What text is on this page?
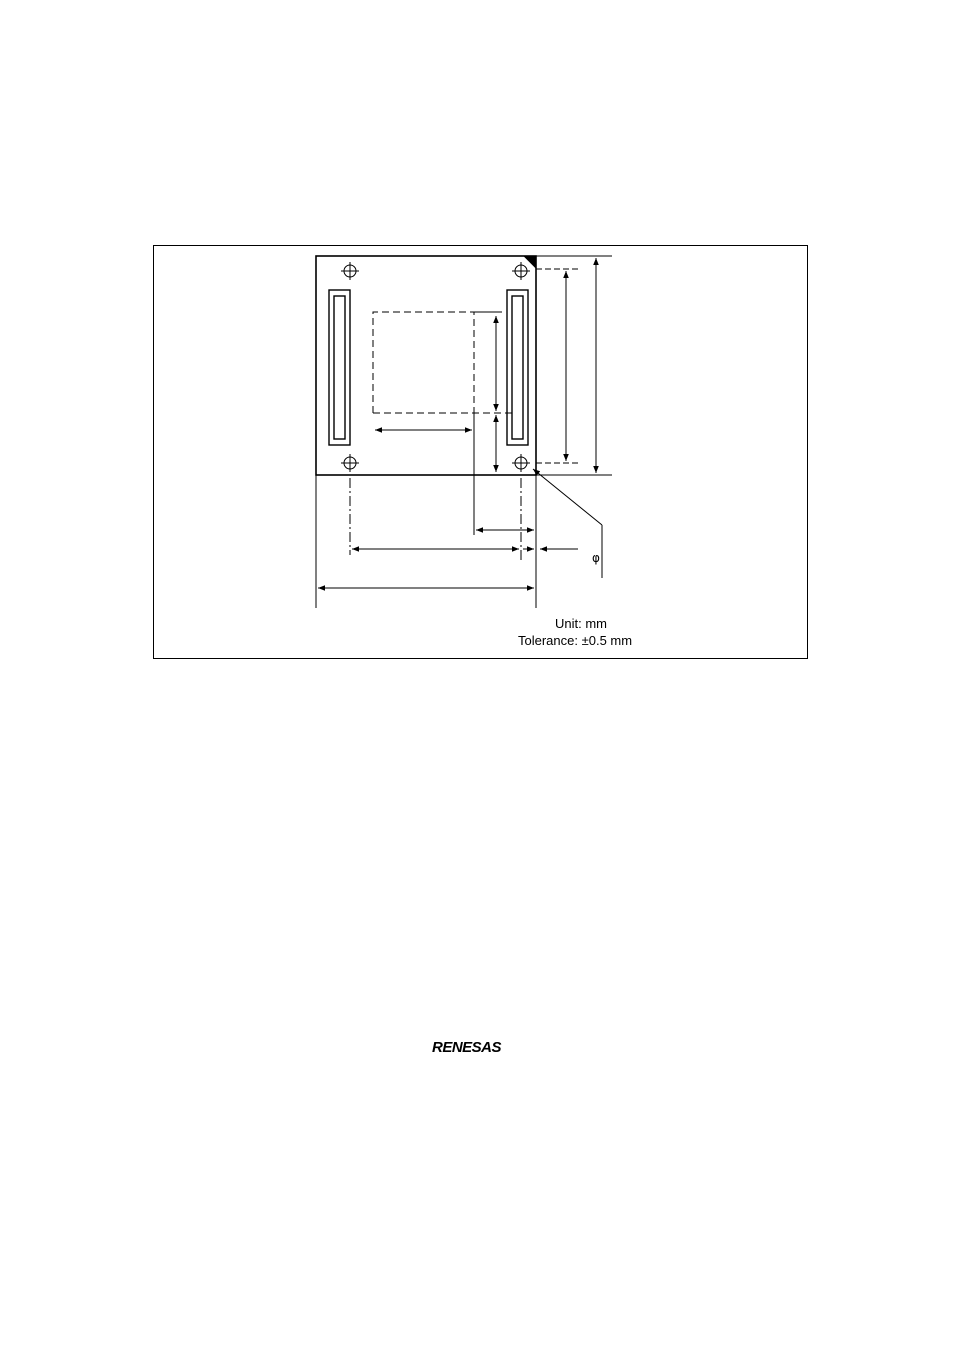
φ
Unit: mm
Tolerance: ±0.5 mm
RENESAS
